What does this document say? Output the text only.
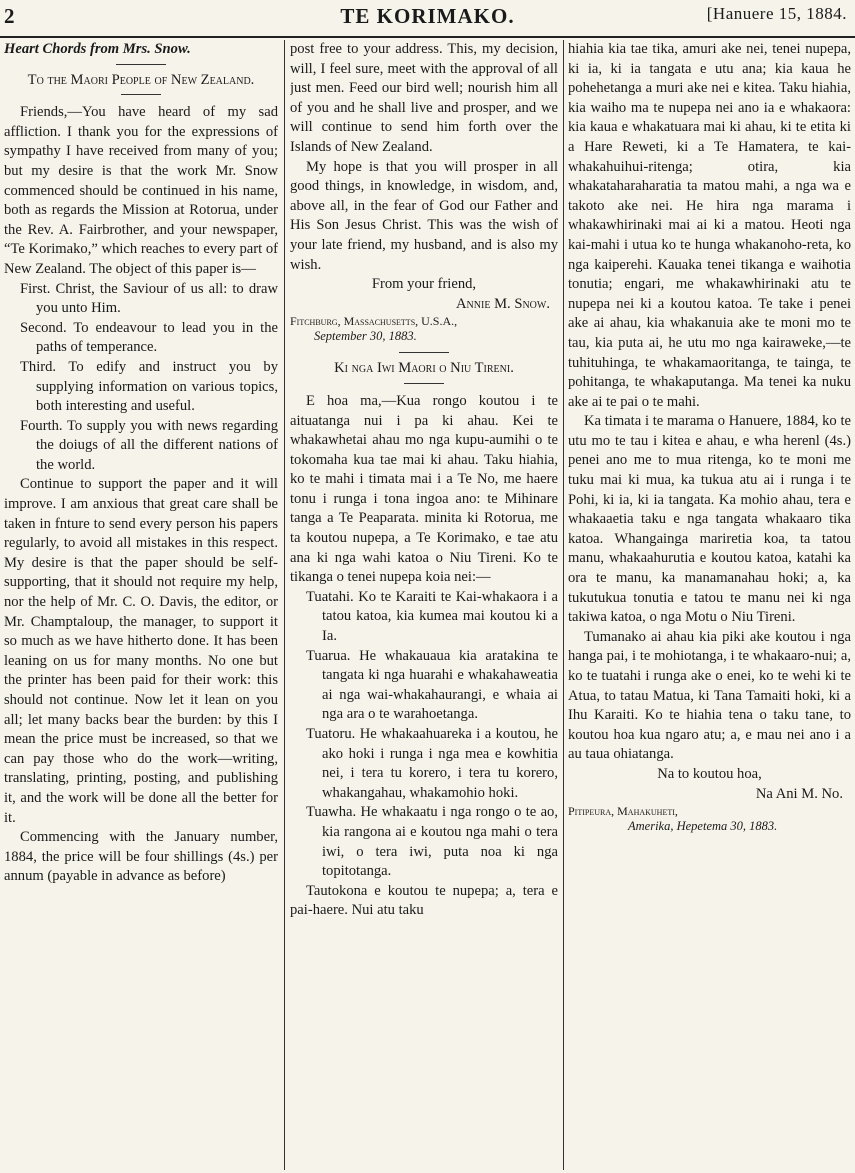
2	TE KORIMAKO.	[Hanuere 15, 1884.

Heart Chords from Mrs. Snow.

To the Maori People of New Zealand.

Friends,—You have heard of my sad affliction. I thank you for the expressions of sympathy I have received from many of you; but my desire is that the work Mr. Snow commenced should be continued in his name, both as regards the Mission at Rotorua, under the Rev. A. Fairbrother, and your newspaper, “Te Korimako,” which reaches to every part of New Zealand. The object of this paper is—

First. Christ, the Saviour of us all: to draw you unto Him.

Second. To endeavour to lead you in the paths of temperance.

Third. To edify and instruct you by supplying information on various topics, both interesting and useful.

Fourth. To supply you with news regarding the doiugs of all the different nations of the world.

Continue to support the paper and it will improve. I am anxious that great care shall be taken in fnture to send every person his papers regularly, to avoid all mistakes in this respect. My desire is that the paper should be self-supporting, that it should not require my help, nor the help of Mr. C. O. Davis, the editor, or Mr. Champtaloup, the manager, to support it so much as we have hitherto done. It has been leaning on us for many months. No one but the printer has been paid for their work: this should not continue. Now let it lean on you all; let many backs bear the burden: by this I mean the price must be increased, so that we can pay those who do the work—writing, translating, printing, posting, and publishing it, and the work will be done all the better for it.

Commencing with the January number, 1884, the price will be four shillings (4s.) per annum (payable in advance as before)

post free to your address. This, my decision, will, I feel sure, meet with the approval of all just men. Feed our bird well; nourish him all of you and he shall live and prosper, and we will continue to send him forth over the Islands of New Zealand.

My hope is that you will prosper in all good things, in knowledge, in wisdom, and, above all, in the fear of God our Father and His Son Jesus Christ. This was the wish of your late friend, my husband, and is also my wish.

From your friend,

Annie M. Snow.

Fitchburg, Massachusetts, U.S.A.,

September 30, 1883.

Ki nga Iwi Maori o Niu Tireni.

E hoa ma,—Kua rongo koutou i te aituatanga nui i pa ki ahau. Kei te whakawhetai ahau mo nga kupu-aumihi o te tokomaha kua tae mai ki ahau. Taku hiahia, ko te mahi i timata mai i a Te No, me haere tonu i runga i tona ingoa ano: te Mihinare tanga a Te Peaparata. minita ki Rotorua, me ta koutou nupepa, a Te Korimako, e tae atu ana ki nga wahi katoa o Niu Tireni. Ko te tikanga o tenei nupepa koia nei:—

Tuatahi. Ko te Karaiti te Kai-whakaora i a tatou katoa, kia kumea mai koutou ki a Ia.

Tuarua. He whakauaua kia aratakina te tangata ki nga huarahi e whakahaweatia ai nga wai-whakahaurangi, e whaia ai nga ara o te warahoetanga.

Tuatoru. He whakaahuareka i a koutou, he ako hoki i runga i nga mea e kowhitia nei, i tera tu korero, i tera tu korero, whakangahau, whakamohio hoki.

Tuawha. He whakaatu i nga rongo o te ao, kia rangona ai e koutou nga mahi o tera iwi, o tera iwi, puta noa ki nga topitotanga.

Tautokona e koutou te nupepa; a, tera e pai-haere. Nui atu taku

hiahia kia tae tika, amuri ake nei, tenei nupepa, ki ia, ki ia tangata e utu ana; kia kaua he pohehetanga a muri ake nei e kitea. Taku hiahia, kia waiho ma te nupepa nei ano ia e whakaora: kia kaua e whakatuara mai ki ahau, ki te etita ki a Hare Reweti, ki a Te Hamatera, te kai-whakahuihui-ritenga; otira, kia whakataharaharatia ta matou mahi, a nga wa e takoto ake nei. He hira nga marama i whakawhirinaki mai ai ki a matou. Heoti nga kai-mahi i utua ko te hunga whakanoho-reta, ko nga kaiperehi. Kauaka tenei tikanga e waihotia tonutia; engari, me whakawhirinaki atu te nupepa nei ki a koutou katoa. Te take i penei ake ai ahau, kia whakanuia ake te moni mo te tau, kia puta ai, he utu mo nga kairaweke,—te tuhituhinga, te whakamaoritanga, te tainga, te pohitanga, te whakaputanga. Ma tenei ka nuku ake ai te pai o te mahi.

Ka timata i te marama o Hanuere, 1884, ko te utu mo te tau i kitea e ahau, e wha herenl (4s.) penei ano me to mua ritenga, ko te moni me tuku mai ki mua, ka tukua atu ai i runga i te Pohi, ki ia, ki ia tangata. Ka mohio ahau, tera e whakaaetia taku e nga tangata whakaaro tika katoa. Whangainga mariretia koa, ta tatou manu, whakaahurutia e koutou katoa, katahi ka ora te manu, ka manamanahau hoki; a, ka tukutukua tonutia e tatou te manu nei ki nga takiwa katoa, o nga Motu o Niu Tireni.

Tumanako ai ahau kia piki ake koutou i nga hanga pai, i te mohiotanga, i te whakaaro-nui; a, ko te tuatahi i runga ake o enei, ko te wehi ki te Atua, to tatau Matua, ki Tana Tamaiti hoki, ki a Ihu Karaiti. Ko te hiahia tena o taku tane, to koutou hoa kua ngaro atu; a, e mau nei ano i a au taua ohiatanga.

Na to koutou hoa,

Na Ani M. No.

Pitipeura, Mahakuheti,

Amerika, Hepetema 30, 1883.
